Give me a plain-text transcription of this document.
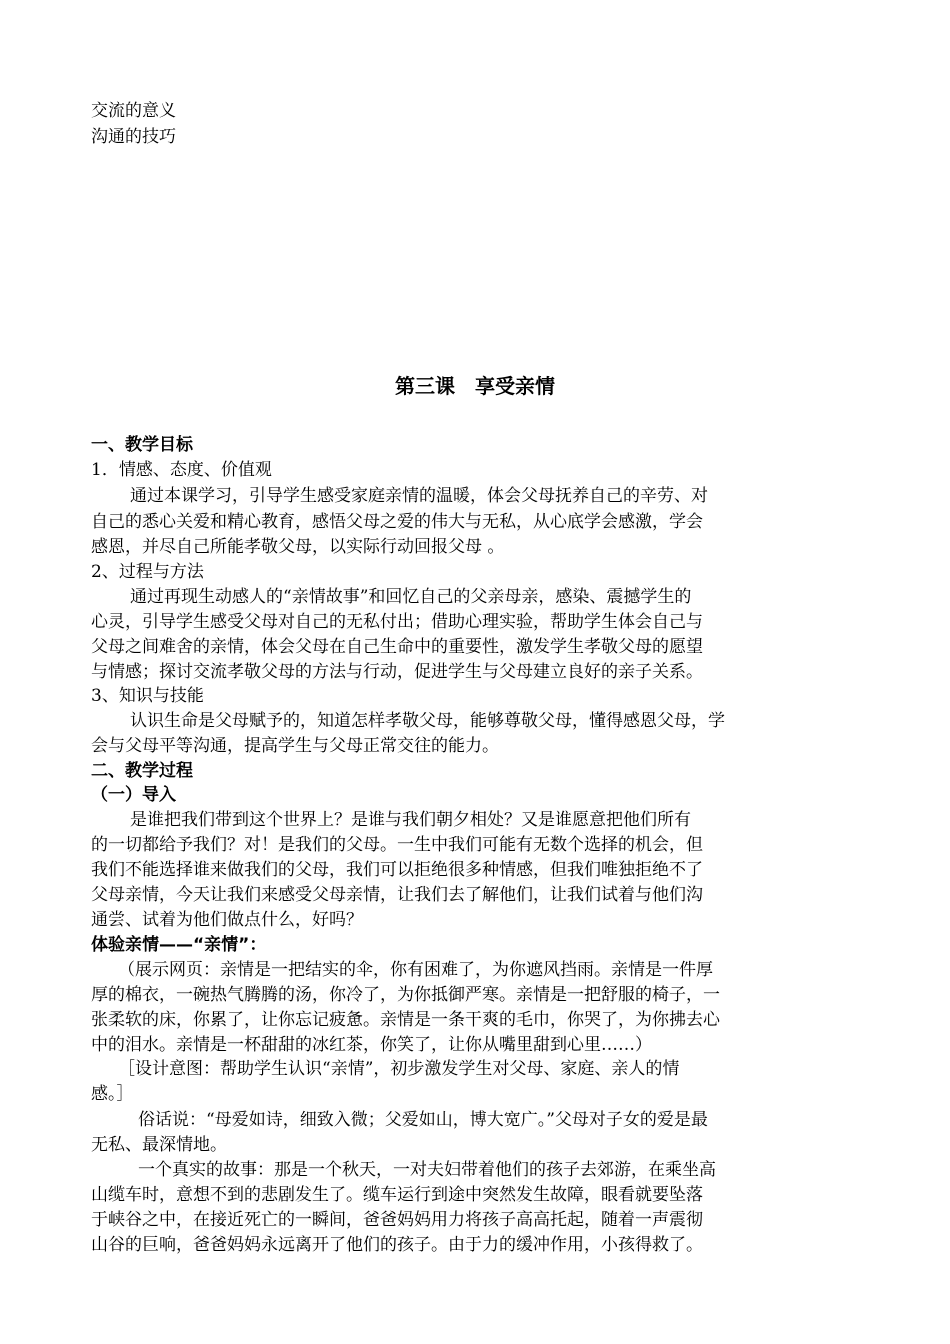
交流的意义
沟通的技巧
第三课　享受亲情
一、教学目标
1．情感、态度、价值观
通过本课学习，引导学生感受家庭亲情的温暖，体会父母抚养自己的辛劳、对
自己的悉心关爱和精心教育，感悟父母之爱的伟大与无私，从心底学会感激，学会
感恩，并尽自己所能孝敬父母，以实际行动回报父母 。
2、过程与方法
通过再现生动感人的“亲情故事”和回忆自己的父亲母亲，感染、震撼学生的
心灵，引导学生感受父母对自己的无私付出；借助心理实验，帮助学生体会自己与
父母之间难舍的亲情，体会父母在自己生命中的重要性，激发学生孝敬父母的愿望
与情感；探讨交流孝敬父母的方法与行动，促进学生与父母建立良好的亲子关系。
3、知识与技能
认识生命是父母赋予的，知道怎样孝敬父母，能够尊敬父母，懂得感恩父母，学
会与父母平等沟通，提高学生与父母正常交往的能力。
二、教学过程
（一）导入
是谁把我们带到这个世界上？是谁与我们朝夕相处？又是谁愿意把他们所有
的一切都给予我们？对！是我们的父母。一生中我们可能有无数个选择的机会，但
我们不能选择谁来做我们的父母，我们可以拒绝很多种情感，但我们唯独拒绝不了
父母亲情，今天让我们来感受父母亲情，让我们去了解他们，让我们试着与他们沟
通尝、试着为他们做点什么，好吗？
体验亲情——“亲情”：
（展示网页：亲情是一把结实的伞，你有困难了，为你遮风挡雨。亲情是一件厚
厚的棉衣，一碗热气腾腾的汤，你冷了，为你抵御严寒。亲情是一把舒服的椅子，一
张柔软的床，你累了，让你忘记疲惫。亲情是一条干爽的毛巾，你哭了，为你拂去心
中的泪水。亲情是一杯甜甜的冰红茶，你笑了，让你从嘴里甜到心里……）
［设计意图：帮助学生认识“亲情”，初步激发学生对父母、家庭、亲人的情
感。］
俗话说：“母爱如诗，细致入微；父爱如山，博大宽广。”父母对子女的爱是最
无私、最深情地。
一个真实的故事：那是一个秋天，一对夫妇带着他们的孩子去郊游，在乘坐高
山缆车时，意想不到的悲剧发生了。缆车运行到途中突然发生故障，眼看就要坠落
于峡谷之中，在接近死亡的一瞬间，爸爸妈妈用力将孩子高高托起，随着一声震彻
山谷的巨响，爸爸妈妈永远离开了他们的孩子。由于力的缓冲作用，小孩得救了。
